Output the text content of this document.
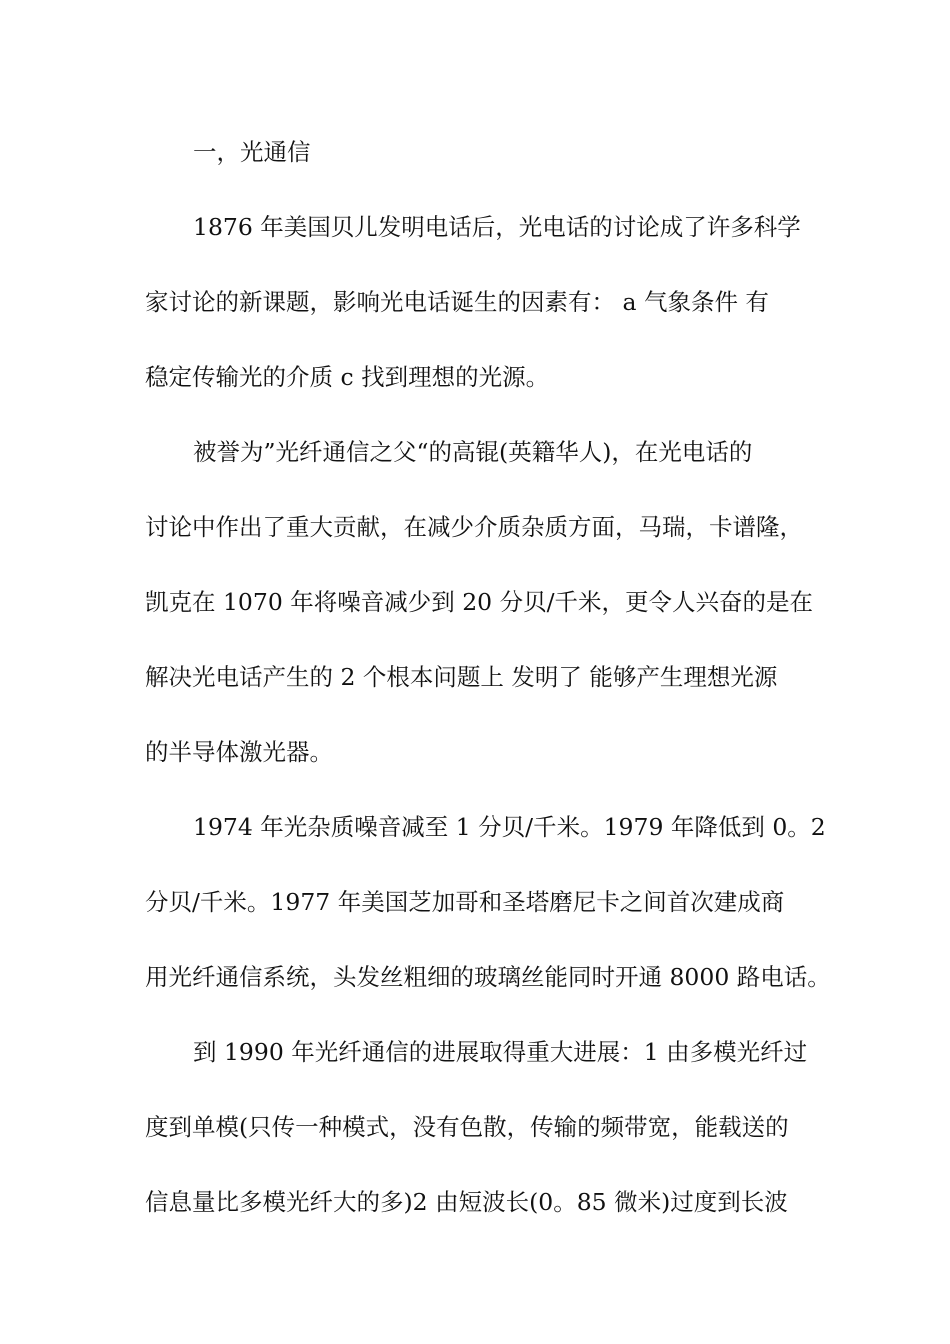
一，光通信
1876 年美国贝儿发明电话后，光电话的讨论成了许多科学
家讨论的新课题，影响光电话诞生的因素有： a 气象条件 有
稳定传输光的介质 c 找到理想的光源。
被誉为”光纤通信之父“的高锟(英籍华人)，在光电话的
讨论中作出了重大贡献，在减少介质杂质方面，马瑞，卡谱隆，
凯克在 1070 年将噪音减少到 20 分贝/千米，更令人兴奋的是在
解决光电话产生的 2 个根本问题上 发明了 能够产生理想光源
的半导体激光器。
1974 年光杂质噪音减至 1 分贝/千米。1979 年降低到 0。2
分贝/千米。1977 年美国芝加哥和圣塔磨尼卡之间首次建成商
用光纤通信系统，头发丝粗细的玻璃丝能同时开通 8000 路电话。
到 1990 年光纤通信的进展取得重大进展：1 由多模光纤过
度到单模(只传一种模式，没有色散，传输的频带宽，能载送的
信息量比多模光纤大的多)2 由短波长(0。85 微米)过度到长波
